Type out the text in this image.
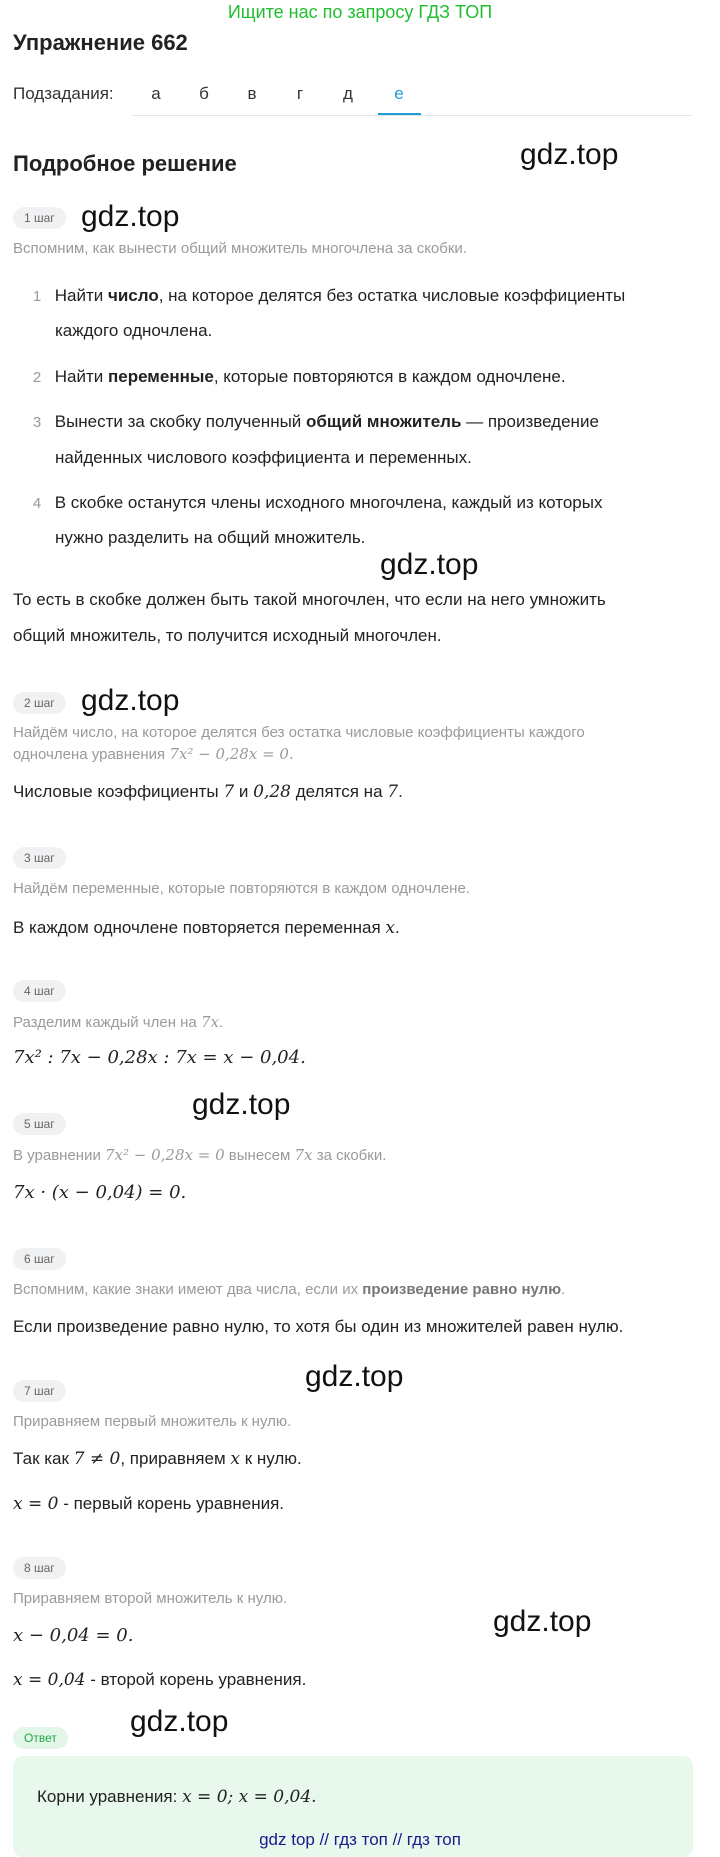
Ищите нас по запросу ГДЗ ТОП
Упражнение 662
Подзадания:	а	б	в	г	д	е
Подробное решение	gdz.top
gdz.top
gdz.top
gdz.top
gdz.top
gdz.top
gdz.top
gdz.top
1 шаг
Вспомним, как вынести общий множитель многочлена за скобки.
1 Найти число, на которое делятся без остатка числовые коэффициенты
каждого одночлена.
2 Найти переменные, которые повторяются в каждом одночлене.
3 Вынести за скобку полученный общий множитель — произведение
найденных числового коэффициента и переменных.
4 В скобке останутся члены исходного многочлена, каждый из которых
нужно разделить на общий множитель.
То есть в скобке должен быть такой многочлен, что если на него умножить
общий множитель, то получится исходный многочлен.
2 шаг
Найдём число, на которое делятся без остатка числовые коэффициенты каждого
одночлена уравнения 7x² − 0,28x = 0.
Числовые коэффициенты 7 и 0,28 делятся на 7.
3 шаг
Найдём переменные, которые повторяются в каждом одночлене.
В каждом одночлене повторяется переменная x.
4 шаг
Разделим каждый член на 7x.
7x² : 7x − 0,28x : 7x = x − 0,04.
5 шаг
В уравнении 7x² − 0,28x = 0 вынесем 7x за скобки.
7x · (x − 0,04) = 0.
6 шаг
Вспомним, какие знаки имеют два числа, если их произведение равно нулю.
Если произведение равно нулю, то хотя бы один из множителей равен нулю.
7 шаг
Приравняем первый множитель к нулю.
Так как 7 ≠ 0, приравняем x к нулю.
x = 0 - первый корень уравнения.
8 шаг
Приравняем второй множитель к нулю.
x − 0,04 = 0.
x = 0,04 - второй корень уравнения.
Ответ
Корни уравнения: x = 0; x = 0,04.
gdz top // гдз топ // гдз топ
